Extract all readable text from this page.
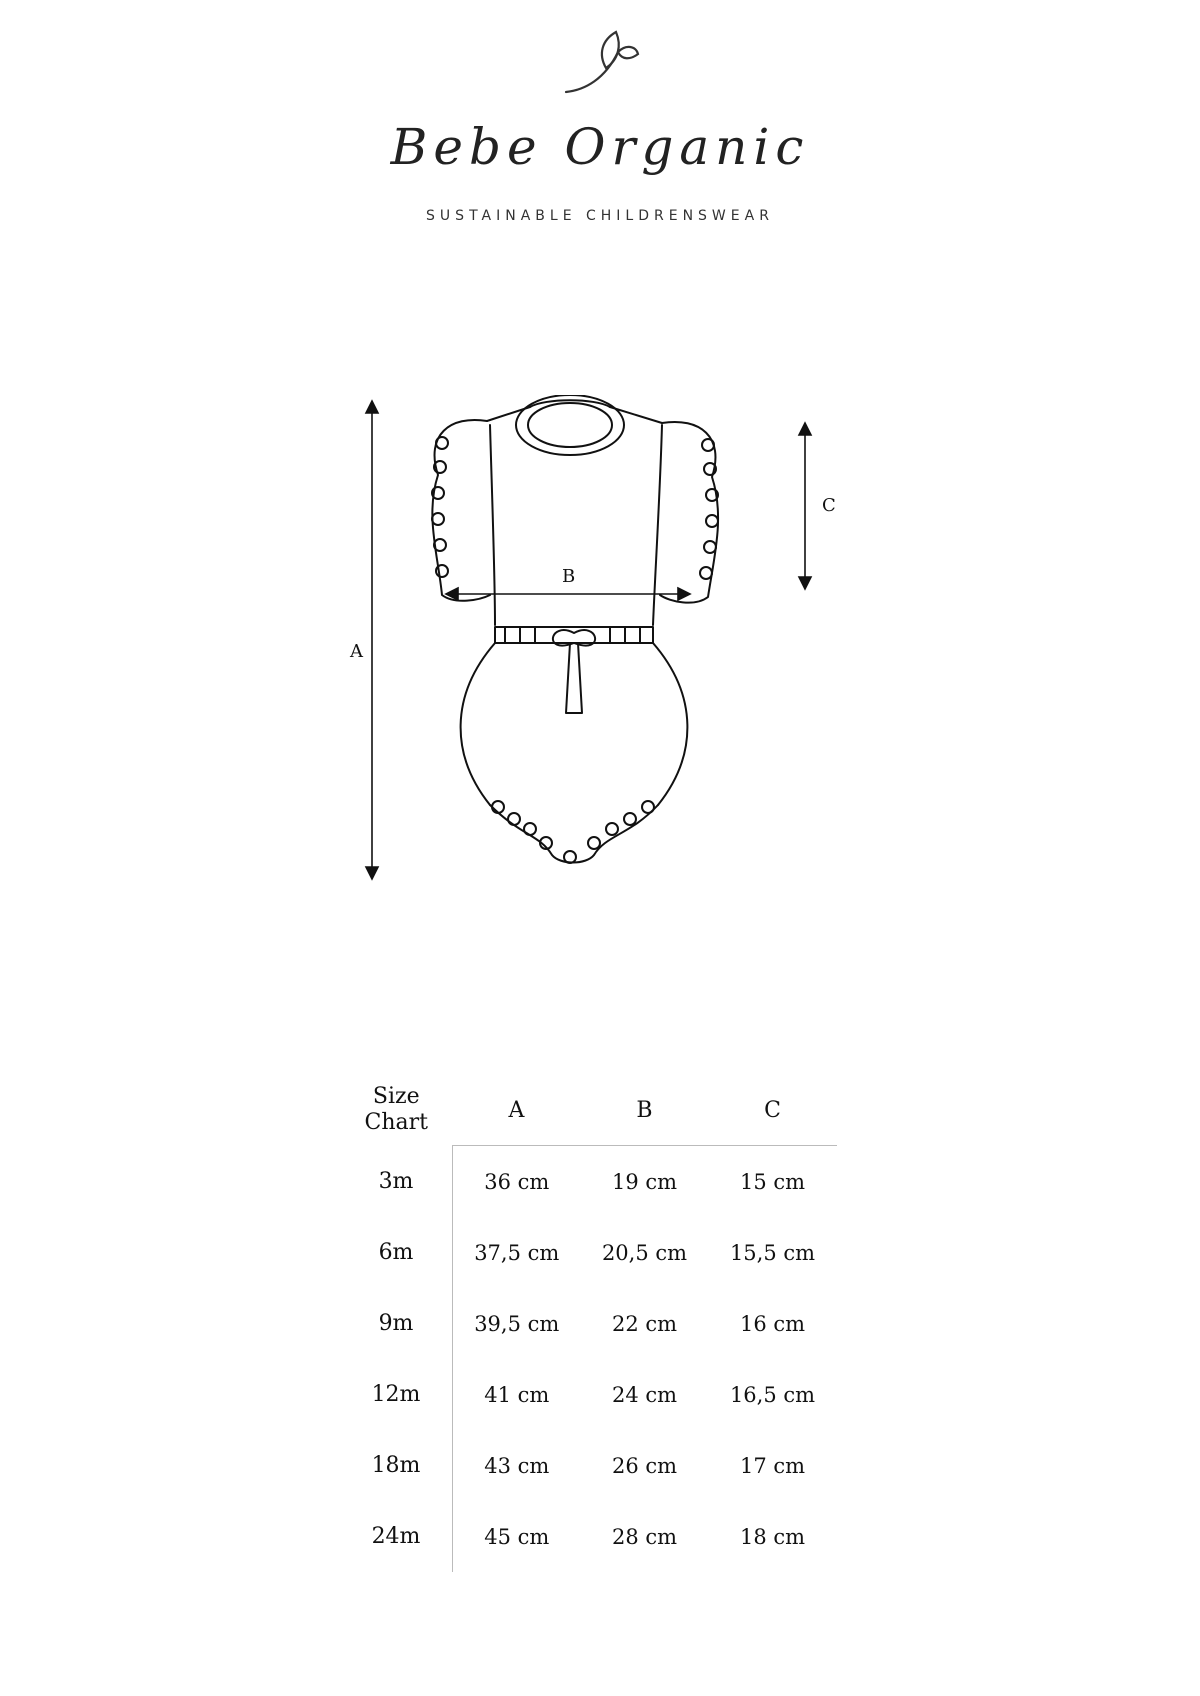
Bebe Organic
SUSTAINABLE CHILDRENSWEAR
A
B
C
Size
Chart	A	B	C
3m	36 cm	19 cm	15 cm
6m	37,5 cm	20,5 cm	15,5 cm
9m	39,5 cm	22 cm	16 cm
12m	41 cm	24 cm	16,5 cm
18m	43 cm	26 cm	17 cm
24m	45 cm	28 cm	18 cm
